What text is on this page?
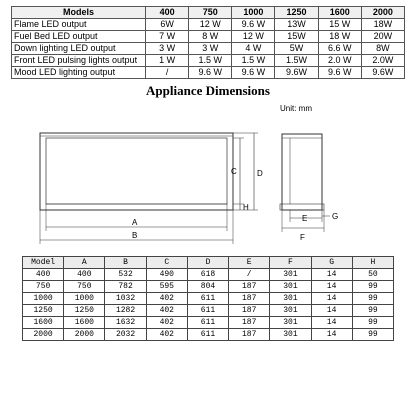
Models	400	750	1000	1250	1600	2000
Flame LED output	6W	12 W	9.6 W	13W	15 W	18W
Fuel Bed LED output	7 W	8 W	12 W	15W	18 W	20W
Down lighting LED output	3 W	3 W	4 W	5W	6.6 W	8W
Front LED pulsing lights output	1 W	1.5 W	1.5 W	1.5W	2.0 W	2.0W
Mood LED lighting output	/	9.6 W	9.6 W	9.6W	9.6 W	9.6W
Appliance Dimensions
Unit: mm
C	D
H
A
B
E	G
F
Model	A	B	C	D	E	F	G	H
400	400	532	490	618	/	301	14	50
750	750	782	595	804	187	301	14	99
1000	1000	1032	402	611	187	301	14	99
1250	1250	1282	402	611	187	301	14	99
1600	1600	1632	402	611	187	301	14	99
2000	2000	2032	402	611	187	301	14	99
